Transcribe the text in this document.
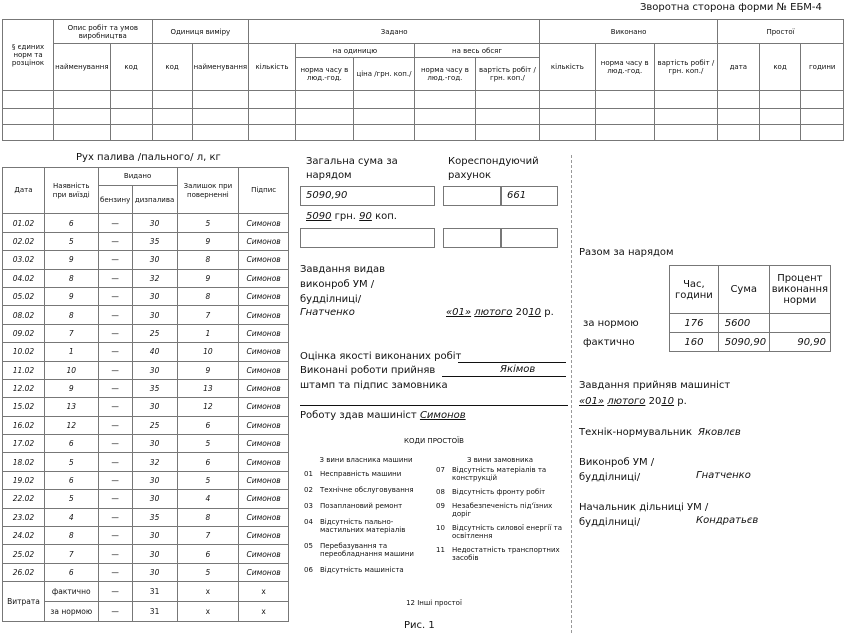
Зворотна сторона форми № ЕБМ-4
§ єдиних норм та розцінок	Опис робіт та умов виробництва		Одиниця виміру		Задано					Виконано			Простої		
	найменування	код	код	найменування	кількість	на одиницю		на весь обсяг		кількість	норма часу в люд.-год.	вартість робіт /грн. коп./	дата	код	години
						норма часу в люд.-год.	ціна /грн. коп./	норма часу в люд.-год.	вартість робіт /грн. коп./						

Рух палива /пального/ л, кг
Дата	Наявність при виїзді	Видано		Залишок при поверненні	Підпис
		бензину	дизпалива		
01.02	6	—	30	5	Симонов
02.02	5	—	35	9	Симонов
03.02	9	—	30	8	Симонов
04.02	8	—	32	9	Симонов
05.02	9	—	30	8	Симонов
08.02	8	—	30	7	Симонов
09.02	7	—	25	1	Симонов
10.02	1	—	40	10	Симонов
11.02	10	—	30	9	Симонов
12.02	9	—	35	13	Симонов
15.02	13	—	30	12	Симонов
16.02	12	—	25	6	Симонов
17.02	6	—	30	5	Симонов
18.02	5	—	32	6	Симонов
19.02	6	—	30	5	Симонов
22.02	5	—	30	4	Симонов
23.02	4	—	35	8	Симонов
24.02	8	—	30	7	Симонов
25.02	7	—	30	6	Симонов
26.02	6	—	30	5	Симонов
Витрата	фактично	—	31	x	x
	за нормою	—	31	x	x
Загальна сума за нарядом
Кореспондуючий рахунок
5090,90	661
5090 грн. 90 коп.
Завдання видав виконроб УМ /будділниці/
Гнатченко	«01» лютого 2010 р.
Оцінка якості виконаних робіт
Виконані роботи прийняв	Якімов
штамп та підпис замовника
Роботу здав машиніст Симонов
КОДИ ПРОСТОЇВ
З вини власника машини	З вини замовника
01	Несправність машини
02	Технічне обслуговування
03	Позаплановий ремонт
04	Відсутність пально-мастильних матеріалів
05	Перебазування та переобладнання машини
06	Відсутність машиніста
07	Відсутність матеріалів та конструкцій
08	Відсутність фронту робіт
09	Незабезпеченість під'їзних доріг
10	Відсутність силової енергії та освітлення
11	Недостатність транспортних засобів
12 Інші простої
Рис. 1
Разом за нарядом
	Час, години	Сума	Процент виконання норми
за нормою	176	5600	
фактично	160	5090,90	90,90
Завдання прийняв машиніст
«01» лютого 2010 р.
Технік-нормувальник Яковлєв
Виконроб УМ /будділниці/	Гнатченко
Начальник дільниці УМ /будділниці/	Кондратьєв
